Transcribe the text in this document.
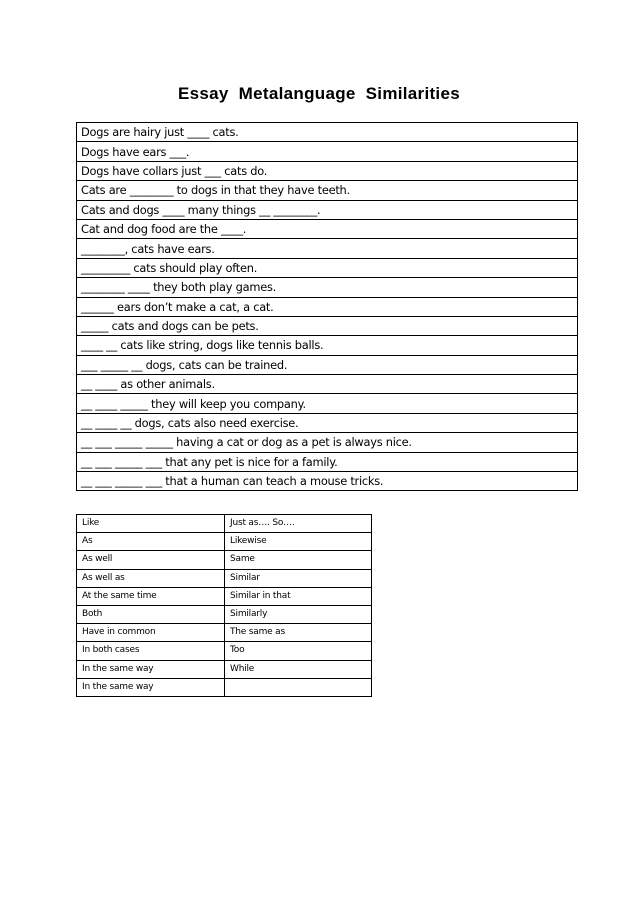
Essay Metalanguage Similarities
Dogs are hairy just ____ cats.
Dogs have ears ___.
Dogs have collars just ___ cats do.
Cats are ________ to dogs in that they have teeth.
Cats and dogs ____ many things __ ________.
Cat and dog food are the ____.
________, cats have ears.
_________ cats should play often.
________ ____ they both play games.
______ ears don’t make a cat, a cat.
_____ cats and dogs can be pets.
____ __ cats like string, dogs like tennis balls.
___ _____ __ dogs, cats can be trained.
__ ____ as other animals.
__ ____ _____ they will keep you company.
__ ____ __ dogs, cats also need exercise.
__ ___ _____ _____ having a cat or dog as a pet is always nice.
__ ___ _____ ___ that any pet is nice for a family.
__ ___ _____ ___ that a human can teach a mouse tricks.
Like	Just as…. So….
As	Likewise
As well	Same
As well as	Similar
At the same time	Similar in that
Both	Similarly
Have in common	The same as
In both cases	Too
In the same way	While
In the same way	
